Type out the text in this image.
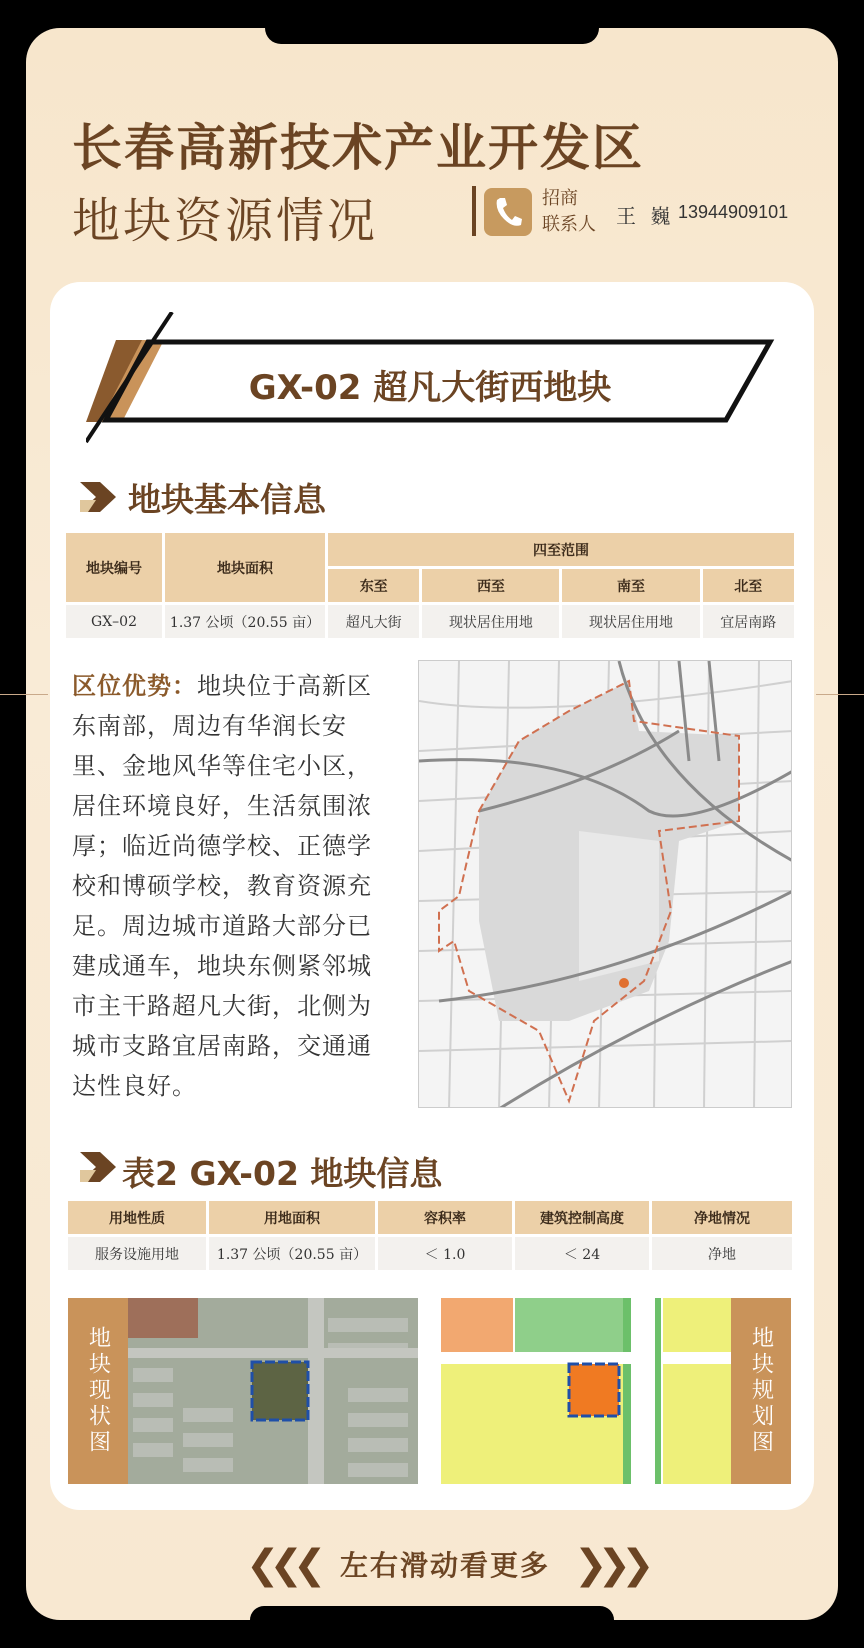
长春高新技术产业开发区
地块资源情况	招商
联系人 王 巍 13944909101
GX-02 超凡大街西地块
地块基本信息
地块编号	地块面积	四至范围			
		东至	西至	南至	北至
GX–02	1.37 公顷（20.55 亩）	超凡大街	现状居住用地	现状居住用地	宜居南路
区位优势：地块位于高新区东南部，周边有华润长安里、金地风华等住宅小区，居住环境良好，生活氛围浓厚；临近尚德学校、正德学校和博硕学校，教育资源充足。周边城市道路大部分已建成通车，地块东侧紧邻城市主干路超凡大街，北侧为城市支路宜居南路，交通通达性良好。
表2 GX-02 地块信息
用地性质	用地面积	容积率	建筑控制高度	净地情况
服务设施用地	1.37 公顷（20.55 亩）	＜ 1.0	＜ 24	净地
地块现状图	地块规划图
❮❮❮ 左右滑动看更多 ❯❯❯
